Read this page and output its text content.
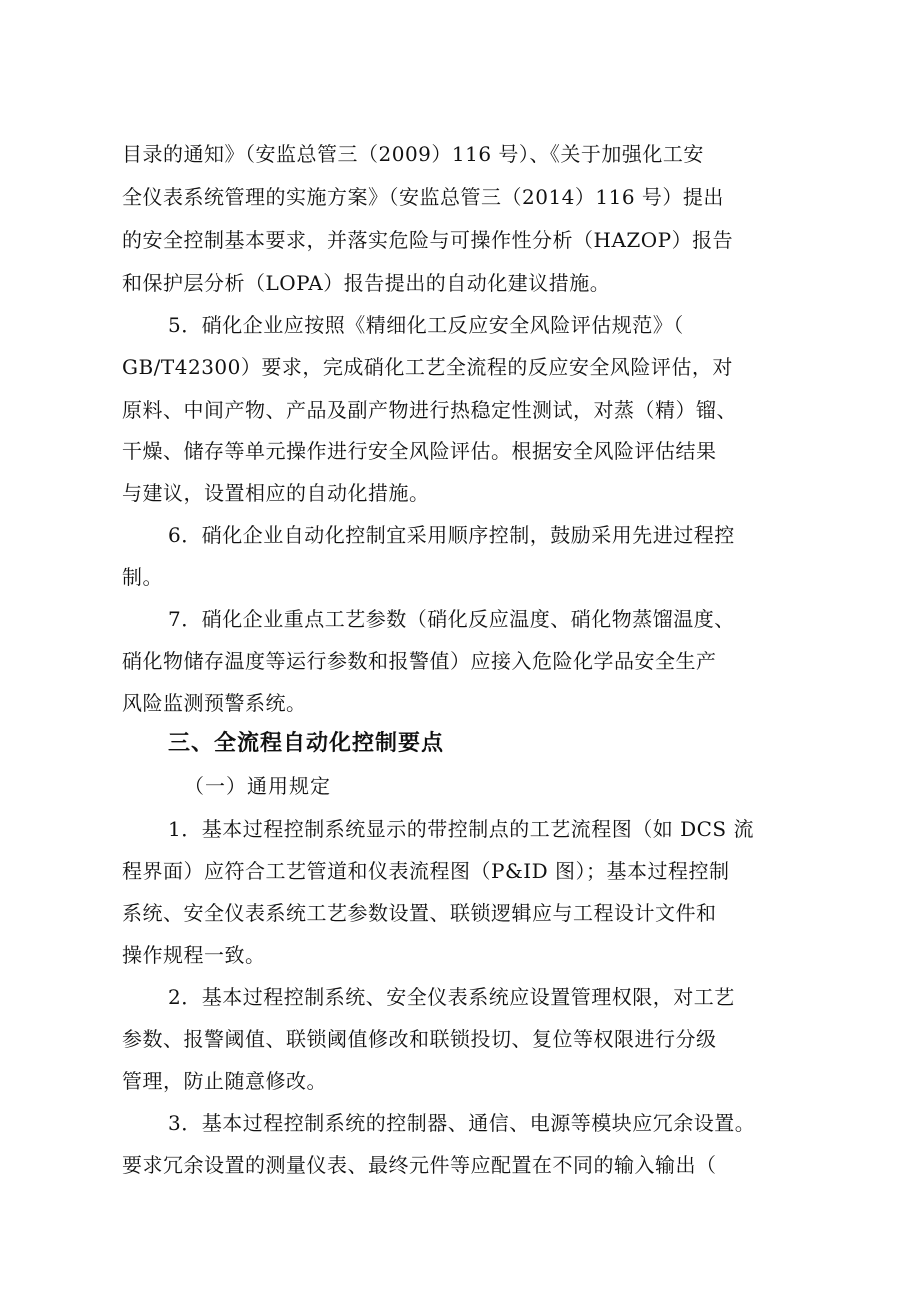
目录的通知》（安监总管三（2009）116 号）、《关于加强化工安
全仪表系统管理的实施方案》（安监总管三（2014）116 号）提出
的安全控制基本要求，并落实危险与可操作性分析（HAZOP）报告
和保护层分析（LOPA）报告提出的自动化建议措施。
5．硝化企业应按照《精细化工反应安全风险评估规范》（
GB/T42300）要求，完成硝化工艺全流程的反应安全风险评估，对
原料、中间产物、产品及副产物进行热稳定性测试，对蒸（精）镏、
干燥、储存等单元操作进行安全风险评估。根据安全风险评估结果
与建议，设置相应的自动化措施。
6．硝化企业自动化控制宜采用顺序控制，鼓励采用先进过程控
制。
7．硝化企业重点工艺参数（硝化反应温度、硝化物蒸馏温度、
硝化物储存温度等运行参数和报警值）应接入危险化学品安全生产
风险监测预警系统。
三、全流程自动化控制要点
（一）通用规定
1．基本过程控制系统显示的带控制点的工艺流程图（如 DCS 流
程界面）应符合工艺管道和仪表流程图（P&ID 图）；基本过程控制
系统、安全仪表系统工艺参数设置、联锁逻辑应与工程设计文件和
操作规程一致。
2．基本过程控制系统、安全仪表系统应设置管理权限，对工艺
参数、报警阈值、联锁阈值修改和联锁投切、复位等权限进行分级
管理，防止随意修改。
3．基本过程控制系统的控制器、通信、电源等模块应冗余设置。
要求冗余设置的测量仪表、最终元件等应配置在不同的输入输出（
